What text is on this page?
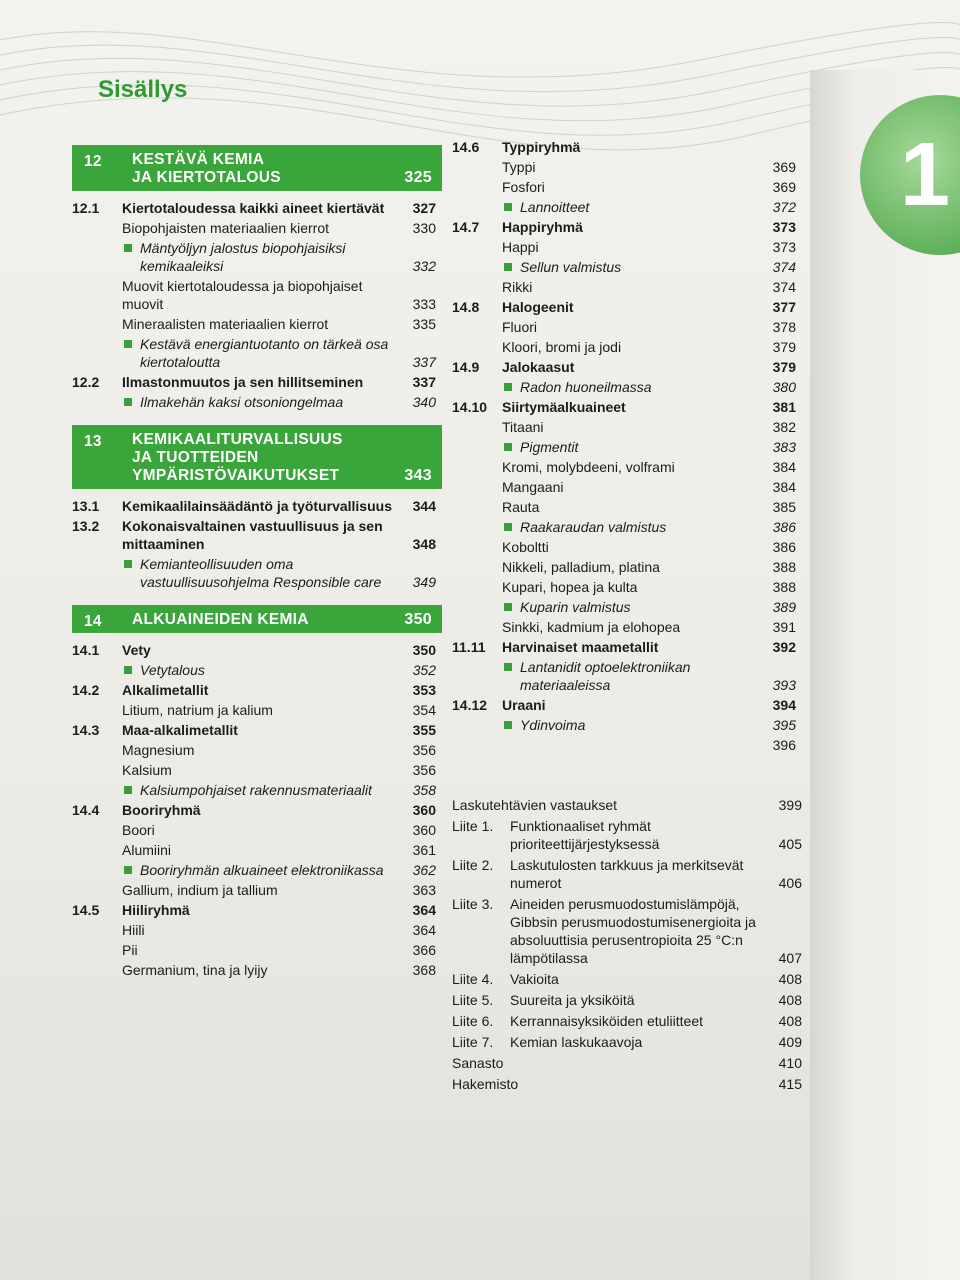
1
Sisällys
12 KESTÄVÄ KEMIA
JA KIERTOTALOUS	325
12.1 Kiertotaloudessa kaikki aineet kiertävät 327
Biopohjaisten materiaalien kierrot	330
Mäntyöljyn jalostus biopohjaisiksi kemikaaleiksi	332
Muovit kiertotaloudessa ja biopohjaiset muovit	333
Mineraalisten materiaalien kierrot	335
Kestävä energiantuotanto on tärkeä osa kiertotaloutta	337
12.2 Ilmastonmuutos ja sen hillitseminen	337
Ilmakehän kaksi otsoniongelmaa	340
13 KEMIKAALITURVALLISUUS
JA TUOTTEIDEN
YMPÄRISTÖVAIKUTUKSET	343
13.1 Kemikaalilainsäädäntö ja työturvallisuus 344
13.2 Kokonaisvaltainen vastuullisuus ja sen mittaaminen	348
Kemianteollisuuden oma vastuullisuusohjelma Responsible care 349
14 ALKUAINEIDEN KEMIA	350
14.1 Vety	350
Vetytalous	352
14.2 Alkalimetallit	353
Litium, natrium ja kalium	354
14.3 Maa-alkalimetallit	355
Magnesium	356
Kalsium	356
Kalsiumpohjaiset rakennusmateriaalit	358
14.4 Booriryhmä	360
Boori	360
Alumiini	361
Booriryhmän alkuaineet elektroniikassa 362
Gallium, indium ja tallium	363
14.5 Hiiliryhmä	364
Hiili	364
Pii	366
Germanium, tina ja lyijy	368
14.6 Typpiryhmä
Typpi	369
Fosfori	369
Lannoitteet	372
14.7 Happiryhmä	373
Happi	373
Sellun valmistus	374
Rikki	374
14.8 Halogeenit	377
Fluori	378
Kloori, bromi ja jodi	379
14.9 Jalokaasut	379
Radon huoneilmassa	380
14.10 Siirtymäalkuaineet	381
Titaani	382
Pigmentit	383
Kromi, molybdeeni, volframi	384
Mangaani	384
Rauta	385
Raakaraudan valmistus	386
Koboltti	386
Nikkeli, palladium, platina	388
Kupari, hopea ja kulta	388
Kuparin valmistus	389
Sinkki, kadmium ja elohopea	391
11.11 Harvinaiset maametallit	392
Lantanidit optoelektroniikan materiaaleissa	393
14.12 Uraani	394
Ydinvoima	395
396

Laskutehtävien vastaukset	399
Liite 1. Funktionaaliset ryhmät prioriteettijärjestyksessä	405
Liite 2. Laskutulosten tarkkuus ja merkitsevät numerot	406
Liite 3. Aineiden perusmuodostumislämpöjä, Gibbsin perusmuodostumisenergioita ja absoluuttisia perusentropioita 25 °C:n lämpötilassa	407
Liite 4. Vakioita	408
Liite 5. Suureita ja yksiköitä	408
Liite 6. Kerrannaisyksiköiden etuliitteet	408
Liite 7. Kemian laskukaavoja	409
Sanasto	410
Hakemisto	415
